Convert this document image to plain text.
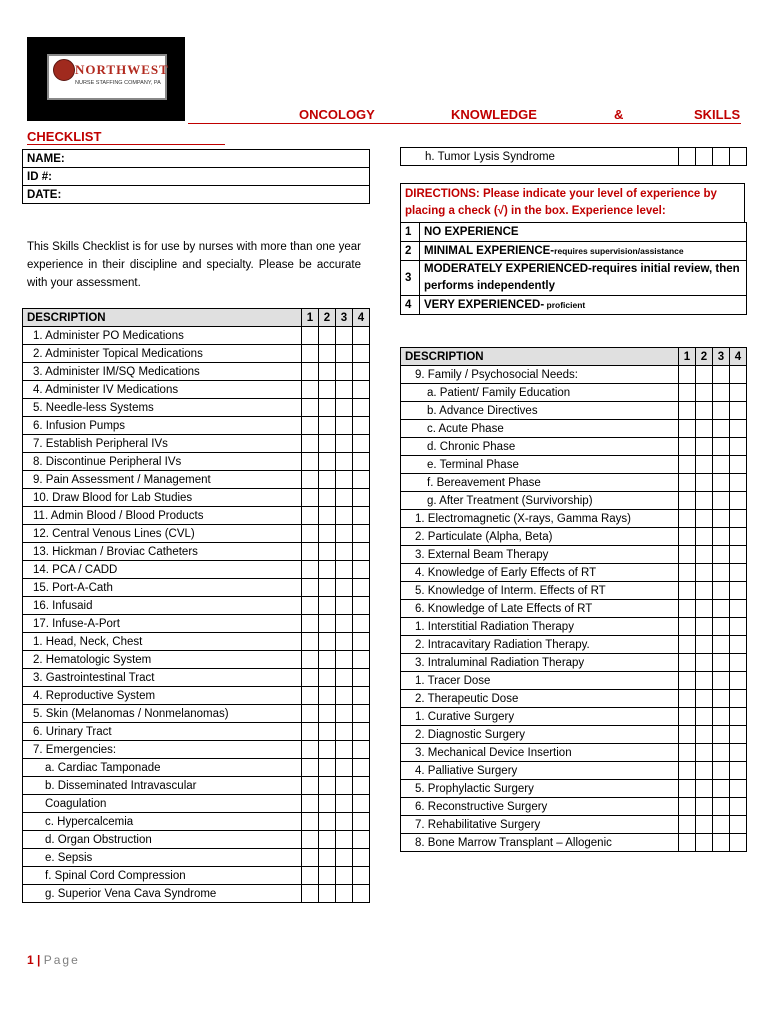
NORTHWEST
NURSE STAFFING COMPANY, PA
ONCOLOGY	KNOWLEDGE	&	SKILLS
CHECKLIST
NAME:
ID #:
DATE:
This Skills Checklist is for use by nurses with more than one year experience in their discipline and specialty. Please be accurate with your assessment.
h. Tumor Lysis Syndrome				
DIRECTIONS: Please indicate your level of experience by placing a check (√) in the box. Experience level:
1	NO EXPERIENCE
2	MINIMAL EXPERIENCE-requires supervision/assistance
3	MODERATELY EXPERIENCED-requires initial review, then performs independently
4	VERY EXPERIENCED- proficient
DESCRIPTION	1	2	3	4

1. Administer PO Medications				
2. Administer Topical Medications				
3. Administer IM/SQ Medications				
4. Administer IV Medications				
5. Needle-less Systems				
6. Infusion Pumps				
7. Establish Peripheral IVs				
8. Discontinue Peripheral IVs				
9. Pain Assessment / Management				
10. Draw Blood for Lab Studies				
11. Admin Blood / Blood Products				
12. Central Venous Lines (CVL)				
13. Hickman / Broviac Catheters				
14. PCA / CADD				
15. Port-A-Cath				
16. Infusaid				
17. Infuse-A-Port				

1. Head, Neck, Chest				
2. Hematologic System				
3. Gastrointestinal Tract				
4. Reproductive System				
5. Skin (Melanomas / Nonmelanomas)				
6. Urinary Tract				
7. Emergencies:				
a. Cardiac Tamponade				
b. Disseminated Intravascular				
Coagulation				
c. Hypercalcemia				
d. Organ Obstruction				
e. Sepsis				
f. Spinal Cord Compression				
g. Superior Vena Cava Syndrome				
DESCRIPTION	1	2	3	4
9. Family / Psychosocial Needs:				
a. Patient/ Family Education				
b. Advance Directives				
c. Acute Phase				
d. Chronic Phase				
e. Terminal Phase				
f. Bereavement Phase				
g. After Treatment (Survivorship)				

1. Electromagnetic (X-rays, Gamma Rays)				
2. Particulate (Alpha, Beta)				
3. External Beam Therapy				
4. Knowledge of Early Effects of RT				
5. Knowledge of Interm. Effects of RT				
6. Knowledge of Late Effects of RT				

1. Interstitial Radiation Therapy				
2. Intracavitary Radiation Therapy.				
3. Intraluminal Radiation Therapy				

1. Tracer Dose				
2. Therapeutic Dose				

1. Curative Surgery				
2. Diagnostic Surgery				
3. Mechanical Device Insertion				
4. Palliative Surgery				
5. Prophylactic Surgery				
6. Reconstructive Surgery				
7. Rehabilitative Surgery				
8. Bone Marrow Transplant – Allogenic				
1 | Page
